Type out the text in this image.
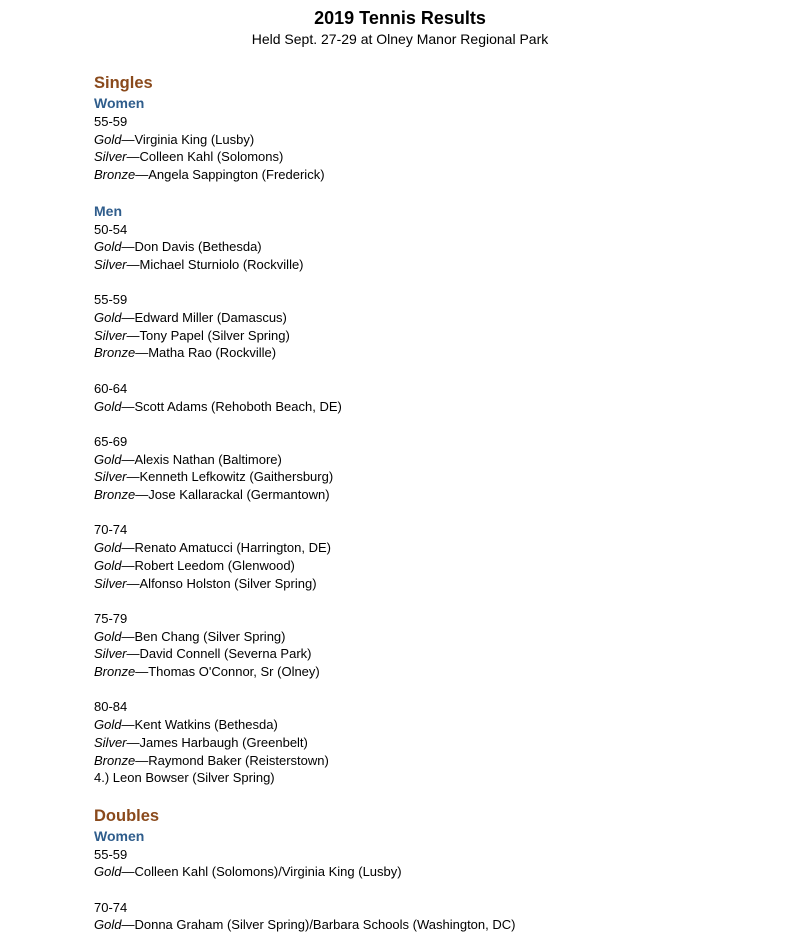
2019 Tennis Results
Held Sept. 27-29 at Olney Manor Regional Park
Singles
Women
55-59
Gold—Virginia King (Lusby)
Silver—Colleen Kahl (Solomons)
Bronze—Angela Sappington (Frederick)
Men
50-54
Gold—Don Davis (Bethesda)
Silver—Michael Sturniolo (Rockville)
55-59
Gold—Edward Miller (Damascus)
Silver—Tony Papel (Silver Spring)
Bronze—Matha Rao (Rockville)
60-64
Gold—Scott Adams (Rehoboth Beach, DE)
65-69
Gold—Alexis Nathan (Baltimore)
Silver—Kenneth Lefkowitz (Gaithersburg)
Bronze—Jose Kallarackal (Germantown)
70-74
Gold—Renato Amatucci (Harrington, DE)
Gold—Robert Leedom (Glenwood)
Silver—Alfonso Holston (Silver Spring)
75-79
Gold—Ben Chang (Silver Spring)
Silver—David Connell (Severna Park)
Bronze—Thomas O'Connor, Sr (Olney)
80-84
Gold—Kent Watkins (Bethesda)
Silver—James Harbaugh (Greenbelt)
Bronze—Raymond Baker (Reisterstown)
4.) Leon Bowser (Silver Spring)
Doubles
Women
55-59
Gold—Colleen Kahl (Solomons)/Virginia King (Lusby)
70-74
Gold—Donna Graham (Silver Spring)/Barbara Schools (Washington, DC)
